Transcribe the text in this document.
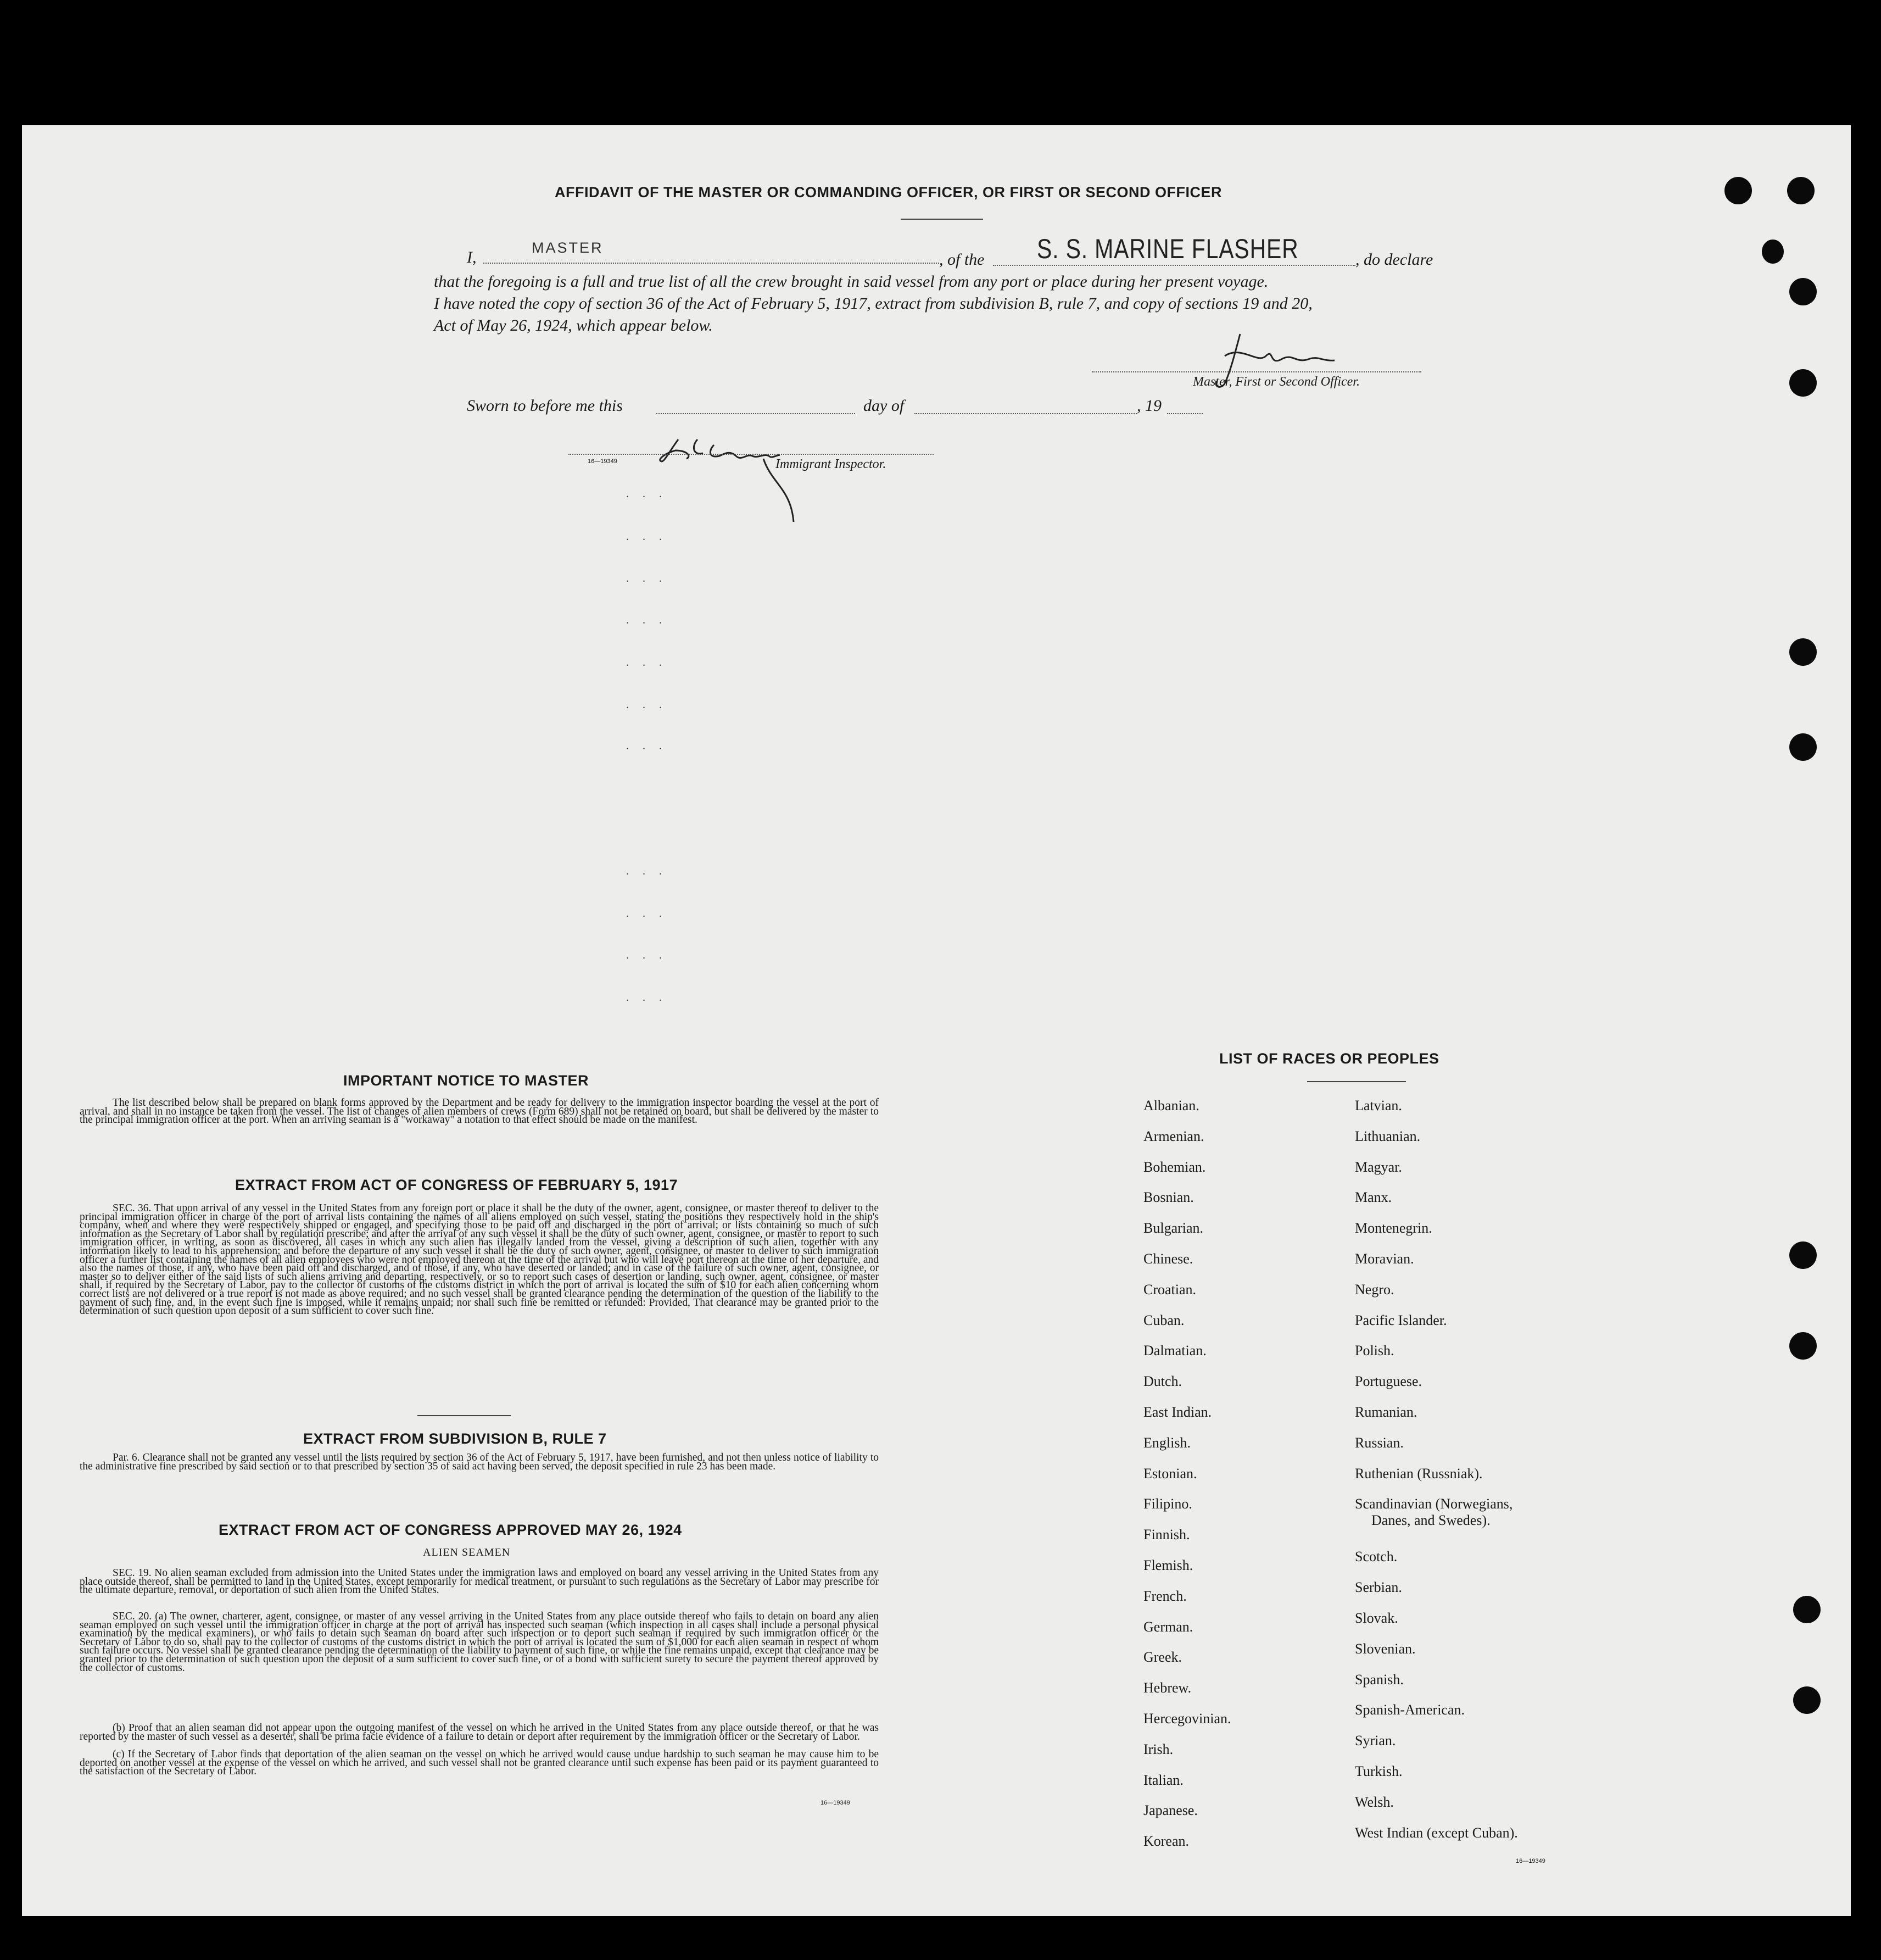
AFFIDAVIT OF THE MASTER OR COMMANDING OFFICER, OR FIRST OR SECOND OFFICER
I,
MASTER
, of the S. S. MARINE FLASHER	, do declare
that the foregoing is a full and true list of all the crew brought in said vessel from any port or place during her present voyage.
I have noted the copy of section 36 of the Act of February 5, 1917, extract from subdivision B, rule 7, and copy of sections 19 and 20,
Act of May 26, 1924, which appear below.
Master, First or Second Officer.
Sworn to before me this	day of	, 19
16—19349	Immigrant Inspector.
. . .
. . .
. . .
. . .
. . .
. . .
. . .
. . .
. . .
. . .
. . .
IMPORTANT NOTICE TO MASTER
The list described below shall be prepared on blank forms approved by the Department and be ready for delivery to the immigration inspector boarding the vessel at the port of arrival, and shall in no instance be taken from the vessel. The list of changes of alien members of crews (Form 689) shall not be retained on board, but shall be delivered by the master to the principal immigration officer at the port. When an arriving seaman is a "workaway" a notation to that effect should be made on the manifest.
EXTRACT FROM ACT OF CONGRESS OF FEBRUARY 5, 1917
SEC. 36. That upon arrival of any vessel in the United States from any foreign port or place it shall be the duty of the owner, agent, consignee, or master thereof to deliver to the principal immigration officer in charge of the port of arrival lists containing the names of all aliens employed on such vessel, stating the positions they respectively hold in the ship's company, when and where they were respectively shipped or engaged, and specifying those to be paid off and discharged in the port of arrival; or lists containing so much of such information as the Secretary of Labor shall by regulation prescribe; and after the arrival of any such vessel it shall be the duty of such owner, agent, consignee, or master to report to such immigration officer, in writing, as soon as discovered, all cases in which any such alien has illegally landed from the vessel, giving a description of such alien, together with any information likely to lead to his apprehension; and before the departure of any such vessel it shall be the duty of such owner, agent, consignee, or master to deliver to such immigration officer a further list containing the names of all alien employees who were not employed thereon at the time of the arrival but who will leave port thereon at the time of her departure, and also the names of those, if any, who have been paid off and discharged, and of those, if any, who have deserted or landed; and in case of the failure of such owner, agent, consignee, or master so to deliver either of the said lists of such aliens arriving and departing, respectively, or so to report such cases of desertion or landing, such owner, agent, consignee, or master shall, if required by the Secretary of Labor, pay to the collector of customs of the customs district in which the port of arrival is located the sum of $10 for each alien concerning whom correct lists are not delivered or a true report is not made as above required; and no such vessel shall be granted clearance pending the determination of the question of the liability to the payment of such fine, and, in the event such fine is imposed, while it remains unpaid; nor shall such fine be remitted or refunded: Provided, That clearance may be granted prior to the determination of such question upon deposit of a sum sufficient to cover such fine.
EXTRACT FROM SUBDIVISION B, RULE 7
Par. 6. Clearance shall not be granted any vessel until the lists required by section 36 of the Act of February 5, 1917, have been furnished, and not then unless notice of liability to the administrative fine prescribed by said section or to that prescribed by section 35 of said act having been served, the deposit specified in rule 23 has been made.
EXTRACT FROM ACT OF CONGRESS APPROVED MAY 26, 1924
ALIEN SEAMEN
SEC. 19. No alien seaman excluded from admission into the United States under the immigration laws and employed on board any vessel arriving in the United States from any place outside thereof, shall be permitted to land in the United States, except temporarily for medical treatment, or pursuant to such regulations as the Secretary of Labor may prescribe for the ultimate departure, removal, or deportation of such alien from the United States.
SEC. 20. (a) The owner, charterer, agent, consignee, or master of any vessel arriving in the United States from any place outside thereof who fails to detain on board any alien seaman employed on such vessel until the immigration officer in charge at the port of arrival has inspected such seaman (which inspection in all cases shall include a personal physical examination by the medical examiners), or who fails to detain such seaman on board after such inspection or to deport such seaman if required by such immigration officer or the Secretary of Labor to do so, shall pay to the collector of customs of the customs district in which the port of arrival is located the sum of $1,000 for each alien seaman in respect of whom such failure occurs. No vessel shall be granted clearance pending the determination of the liability to payment of such fine, or while the fine remains unpaid, except that clearance may be granted prior to the determination of such question upon the deposit of a sum sufficient to cover such fine, or of a bond with sufficient surety to secure the payment thereof approved by the collector of customs.
(b) Proof that an alien seaman did not appear upon the outgoing manifest of the vessel on which he arrived in the United States from any place outside thereof, or that he was reported by the master of such vessel as a deserter, shall be prima facie evidence of a failure to detain or deport after requirement by the immigration officer or the Secretary of Labor.
(c) If the Secretary of Labor finds that deportation of the alien seaman on the vessel on which he arrived would cause undue hardship to such seaman he may cause him to be deported on another vessel at the expense of the vessel on which he arrived, and such vessel shall not be granted clearance until such expense has been paid or its payment guaranteed to the satisfaction of the Secretary of Labor.
16—19349
LIST OF RACES OR PEOPLES
Albanian.
Armenian.
Bohemian.
Bosnian.
Bulgarian.
Chinese.
Croatian.
Cuban.
Dalmatian.
Dutch.
East Indian.
English.
Estonian.
Filipino.
Finnish.
Flemish.
French.
German.
Greek.
Hebrew.
Hercegovinian.
Irish.
Italian.
Japanese.
Korean.
Latvian.
Lithuanian.
Magyar.
Manx.
Montenegrin.
Moravian.
Negro.
Pacific Islander.
Polish.
Portuguese.
Rumanian.
Russian.
Ruthenian (Russniak).
Scandinavian (Norwegians,
Danes, and Swedes).
Scotch.
Serbian.
Slovak.
Slovenian.
Spanish.
Spanish-American.
Syrian.
Turkish.
Welsh.
West Indian (except Cuban).
16—19349
